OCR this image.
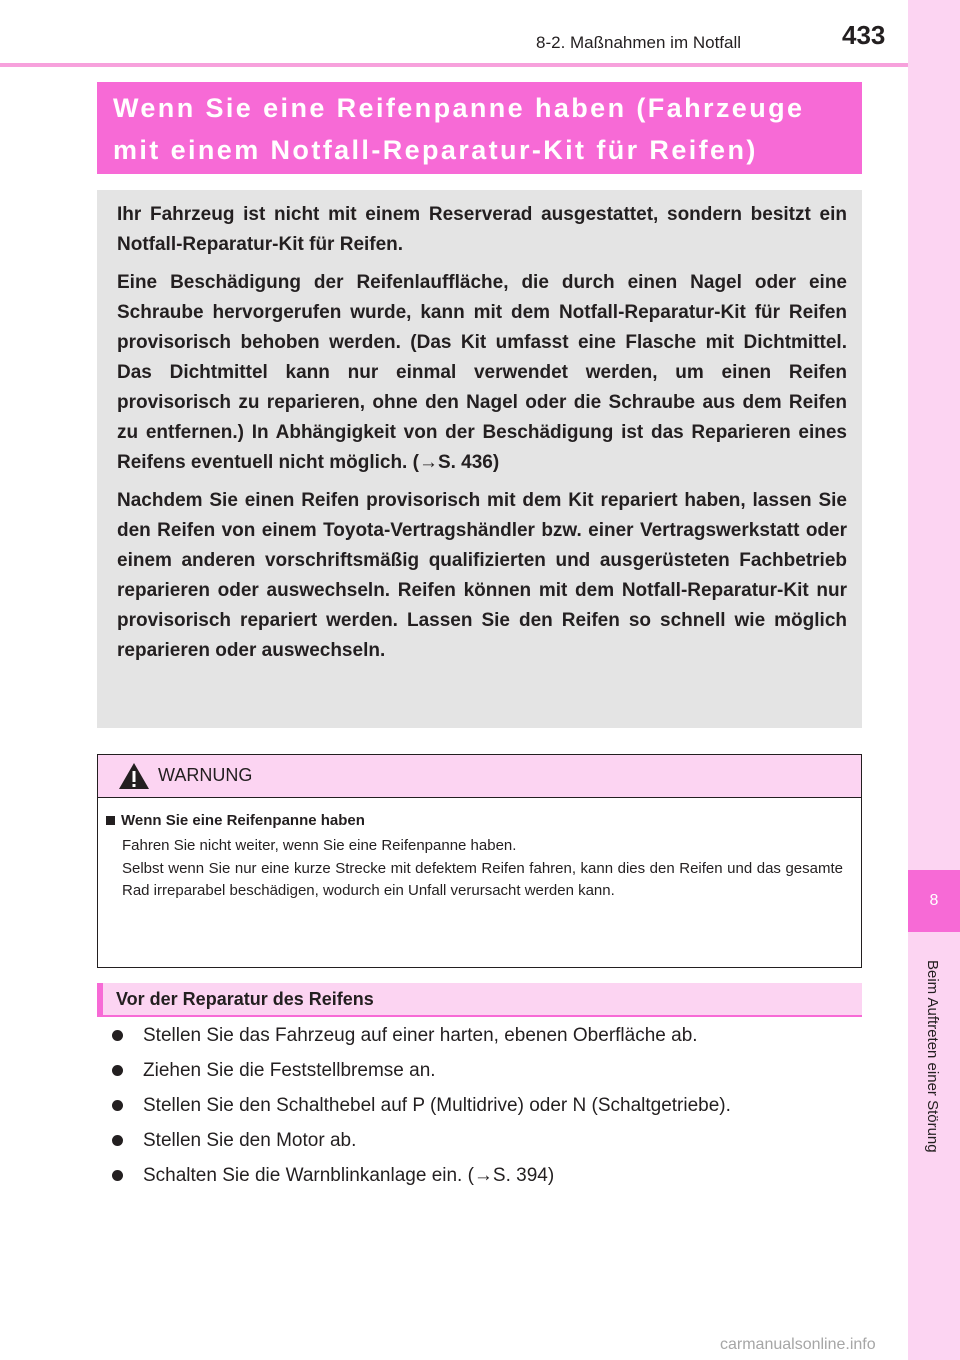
8-2. Maßnahmen im Notfall	433
8
Beim Auftreten einer Störung
Wenn Sie eine Reifenpanne haben (Fahrzeuge
mit einem Notfall-Reparatur-Kit für Reifen)

Ihr Fahrzeug ist nicht mit einem Reserverad ausgestattet, sondern besitzt ein Notfall-Reparatur-Kit für Reifen.

Eine Beschädigung der Reifenlauffläche, die durch einen Nagel oder eine Schraube hervorgerufen wurde, kann mit dem Notfall-Reparatur-Kit für Reifen provisorisch behoben werden. (Das Kit umfasst eine Flasche mit Dichtmittel. Das Dichtmittel kann nur einmal verwendet werden, um einen Reifen provisorisch zu reparieren, ohne den Nagel oder die Schraube aus dem Reifen zu entfernen.) In Abhängigkeit von der Beschädigung ist das Reparieren eines Reifens eventuell nicht möglich. (→S. 436)

Nachdem Sie einen Reifen provisorisch mit dem Kit repariert haben, lassen Sie den Reifen von einem Toyota-Vertragshändler bzw. einer Vertragswerkstatt oder einem anderen vorschriftsmäßig qualifizierten und ausgerüsteten Fachbetrieb reparieren oder auswechseln. Reifen können mit dem Notfall-Reparatur-Kit nur provisorisch repariert werden. Lassen Sie den Reifen so schnell wie möglich reparieren oder auswechseln.

WARNUNG
Wenn Sie eine Reifenpanne haben

Fahren Sie nicht weiter, wenn Sie eine Reifenpanne haben.

Selbst wenn Sie nur eine kurze Strecke mit defektem Reifen fahren, kann dies den Reifen und das gesamte Rad irreparabel beschädigen, wodurch ein Unfall verursacht werden kann.

Vor der Reparatur des Reifens
Stellen Sie das Fahrzeug auf einer harten, ebenen Oberfläche ab.
Ziehen Sie die Feststellbremse an.
Stellen Sie den Schalthebel auf P (Multidrive) oder N (Schaltgetriebe).
Stellen Sie den Motor ab.
Schalten Sie die Warnblinkanlage ein. (→S. 394)
carmanualsonline.info
